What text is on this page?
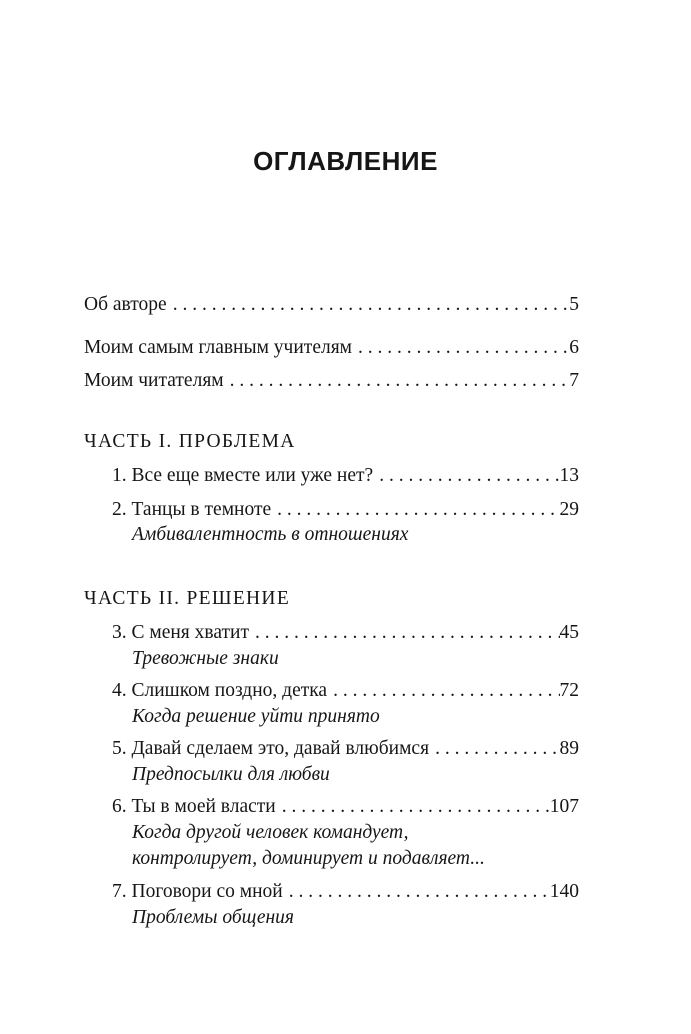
ОГЛАВЛЕНИЕ
Об авторе . . .	5
Моим самым главным учителям . . .	6
Моим читателям . . .	7
ЧАСТЬ I. ПРОБЛЕМА
1. Все еще вместе или уже нет? . . .	13
2. Танцы в темноте . . .	29
Амбивалентность в отношениях
ЧАСТЬ II. РЕШЕНИЕ
3. С меня хватит . . .	45
Тревожные знаки
4. Слишком поздно, детка . . .	72
Когда решение уйти принято
5. Давай сделаем это, давай влюбимся . . .	89
Предпосылки для любви
6. Ты в моей власти . . .	107
Когда другой человек командует,
контролирует, доминирует и подавляет...
7. Поговори со мной . . .	140
Проблемы общения
